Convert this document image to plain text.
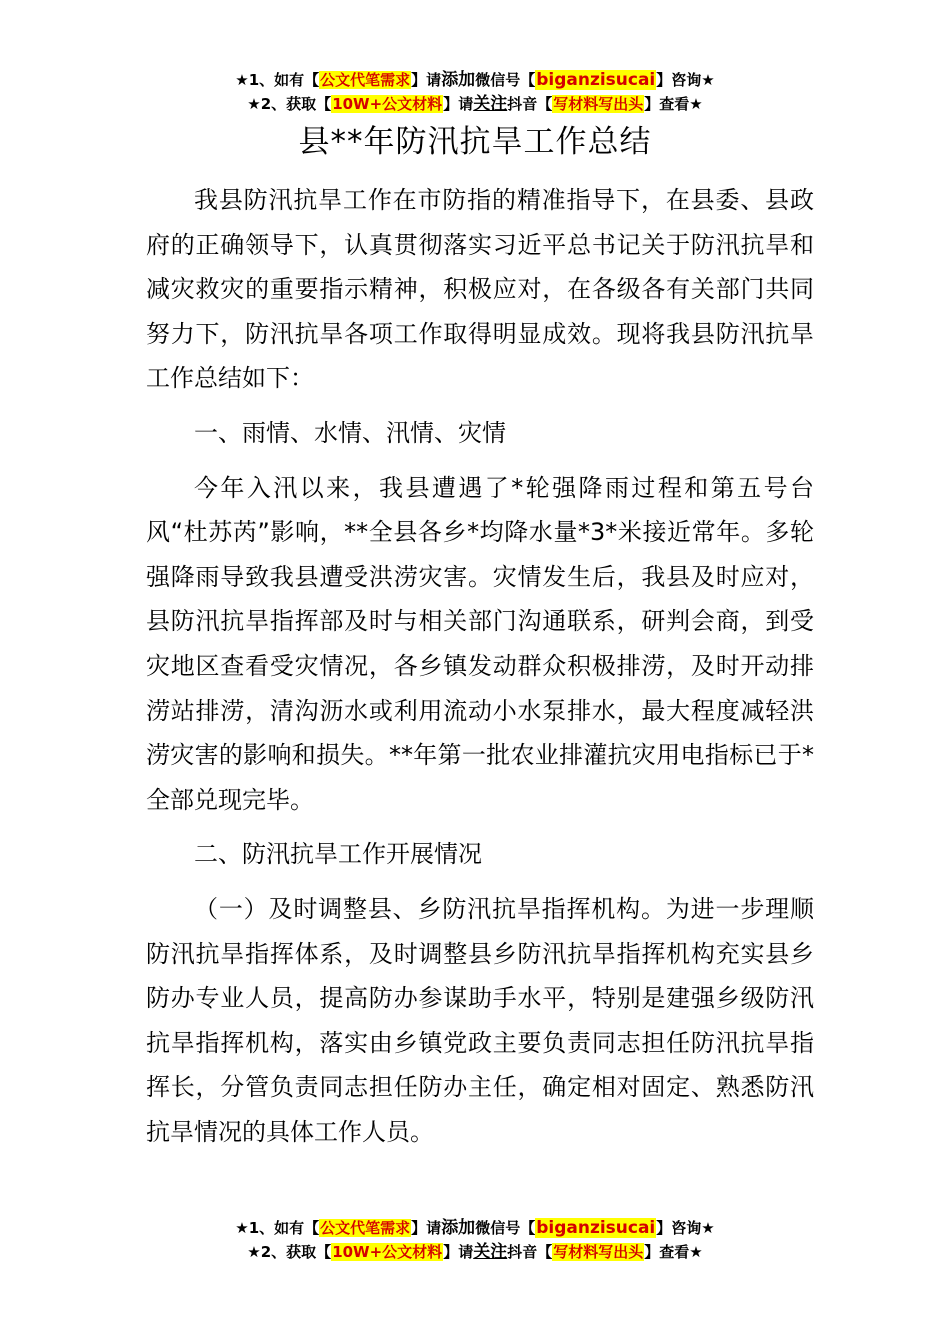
★1、如有【公文代笔需求】请添加微信号【biganzisucai】咨询★
★2、获取【10W+公文材料】请关注抖音【写材料写出头】查看★
县**年防汛抗旱工作总结

我县防汛抗旱工作在市防指的精准指导下，在县委、县政府的正确领导下，认真贯彻落实习近平总书记关于防汛抗旱和减灾救灾的重要指示精神，积极应对，在各级各有关部门共同努力下，防汛抗旱各项工作取得明显成效。现将我县防汛抗旱工作总结如下：

一、雨情、水情、汛情、灾情

今年入汛以来，我县遭遇了*轮强降雨过程和第五号台风“杜苏芮”影响，**全县各乡*均降水量*3*米接近常年。多轮强降雨导致我县遭受洪涝灾害。灾情发生后，我县及时应对，县防汛抗旱指挥部及时与相关部门沟通联系，研判会商，到受灾地区查看受灾情况，各乡镇发动群众积极排涝，及时开动排涝站排涝，清沟沥水或利用流动小水泵排水，最大程度减轻洪涝灾害的影响和损失。**年第一批农业排灌抗灾用电指标已于*全部兑现完毕。

二、防汛抗旱工作开展情况

（一）及时调整县、乡防汛抗旱指挥机构。为进一步理顺防汛抗旱指挥体系，及时调整县乡防汛抗旱指挥机构充实县乡防办专业人员，提高防办参谋助手水平，特别是建强乡级防汛抗旱指挥机构，落实由乡镇党政主要负责同志担任防汛抗旱指挥长，分管负责同志担任防办主任，确定相对固定、熟悉防汛抗旱情况的具体工作人员。

★1、如有【公文代笔需求】请添加微信号【biganzisucai】咨询★
★2、获取【10W+公文材料】请关注抖音【写材料写出头】查看★
